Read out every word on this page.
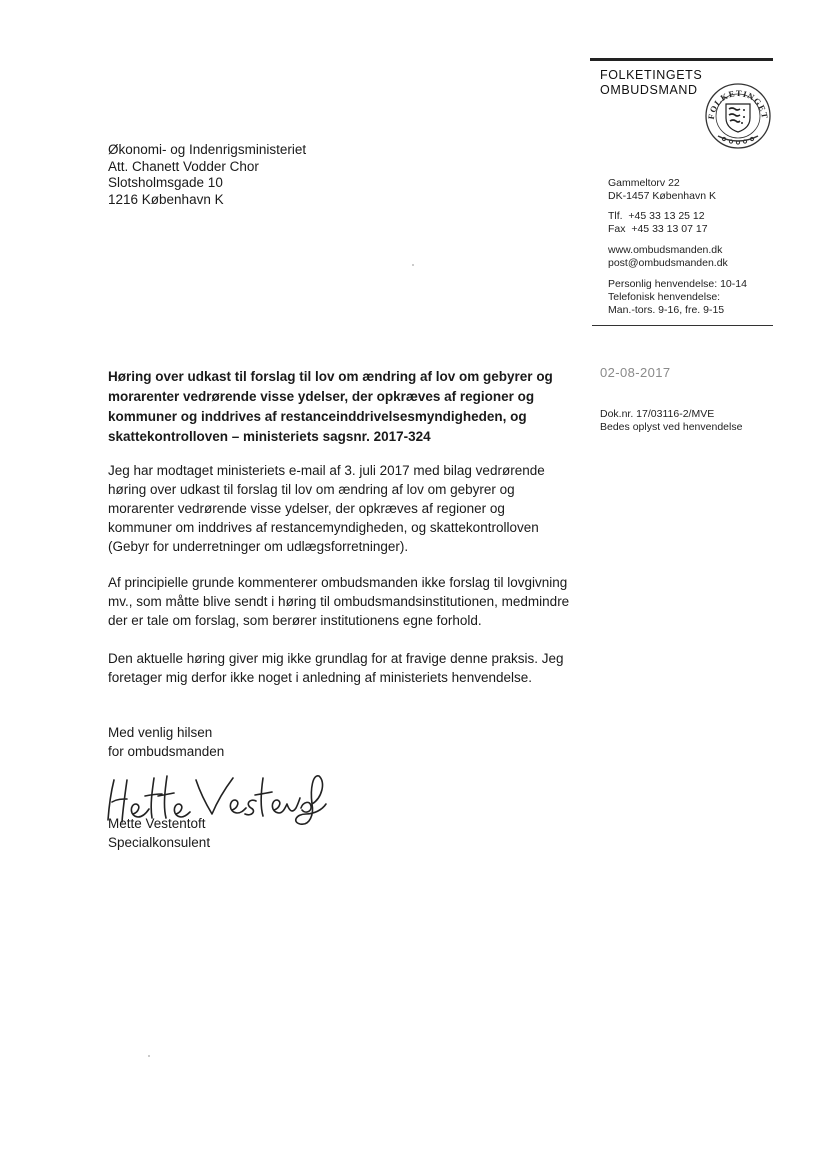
FOLKETINGETS
OMBUDSMAND
FOLKETINGET
Økonomi- og Indenrigsministeriet
Att. Chanett Vodder Chor
Slotsholmsgade 10
1216 København K
Gammeltorv 22
DK-1457 København K
Tlf.  +45 33 13 25 12
Fax  +45 33 13 07 17
www.ombudsmanden.dk
post@ombudsmanden.dk
Personlig henvendelse: 10-14
Telefonisk henvendelse:
Man.-tors. 9-16, fre. 9-15
02-08-2017
Dok.nr. 17/03116-2/MVE
Bedes oplyst ved henvendelse
Høring over udkast til forslag til lov om ændring af lov om gebyrer og morarenter vedrørende visse ydelser, der opkræves af regioner og kommuner og inddrives af restanceinddrivelsesmyndigheden, og skattekontrolloven – ministeriets sagsnr. 2017-324
Jeg har modtaget ministeriets e-mail af 3. juli 2017 med bilag vedrørende høring over udkast til forslag til lov om ændring af lov om gebyrer og morarenter vedrørende visse ydelser, der opkræves af regioner og kommuner om inddrives af restancemyndigheden, og skattekontrolloven (Gebyr for underretninger om udlægsforretninger).
Af principielle grunde kommenterer ombudsmanden ikke forslag til lovgivning mv., som måtte blive sendt i høring til ombudsmandsinstitutionen, medmindre der er tale om forslag, som berører institutionens egne forhold.
Den aktuelle høring giver mig ikke grundlag for at fravige denne praksis. Jeg foretager mig derfor ikke noget i anledning af ministeriets henvendelse.
Med venlig hilsen
for ombudsmanden
Mette Vestentoft
Mette Vestentoft
Specialkonsulent
